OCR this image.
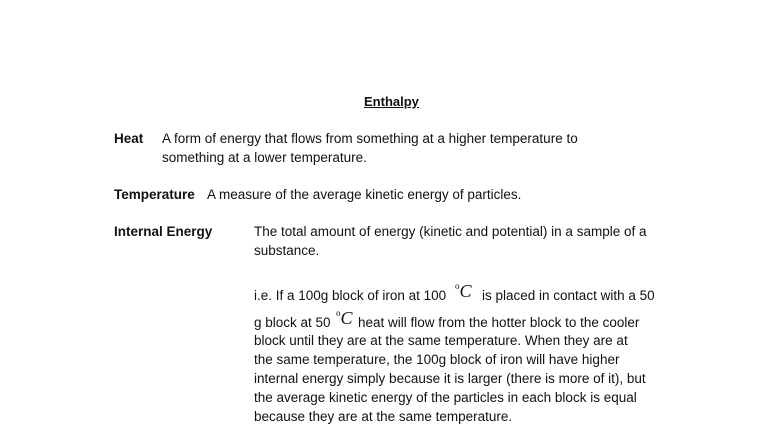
Enthalpy
Heat A form of energy that flows from something at a higher temperature to
something at a lower temperature.
Temperature A measure of the average kinetic energy of particles.
Internal Energy	The total amount of energy (kinetic and potential) in a sample of a
substance.
i.e. If a 100g block of iron at 100
$^o$C is placed in contact with a 50
g block at 50
$^o$C heat will flow from the hotter block to the cooler
block until they are at the same temperature. When they are at
the same temperature, the 100g block of iron will have higher
internal energy simply because it is larger (there is more of it), but
the average kinetic energy of the particles in each block is equal
because they are at the same temperature.
